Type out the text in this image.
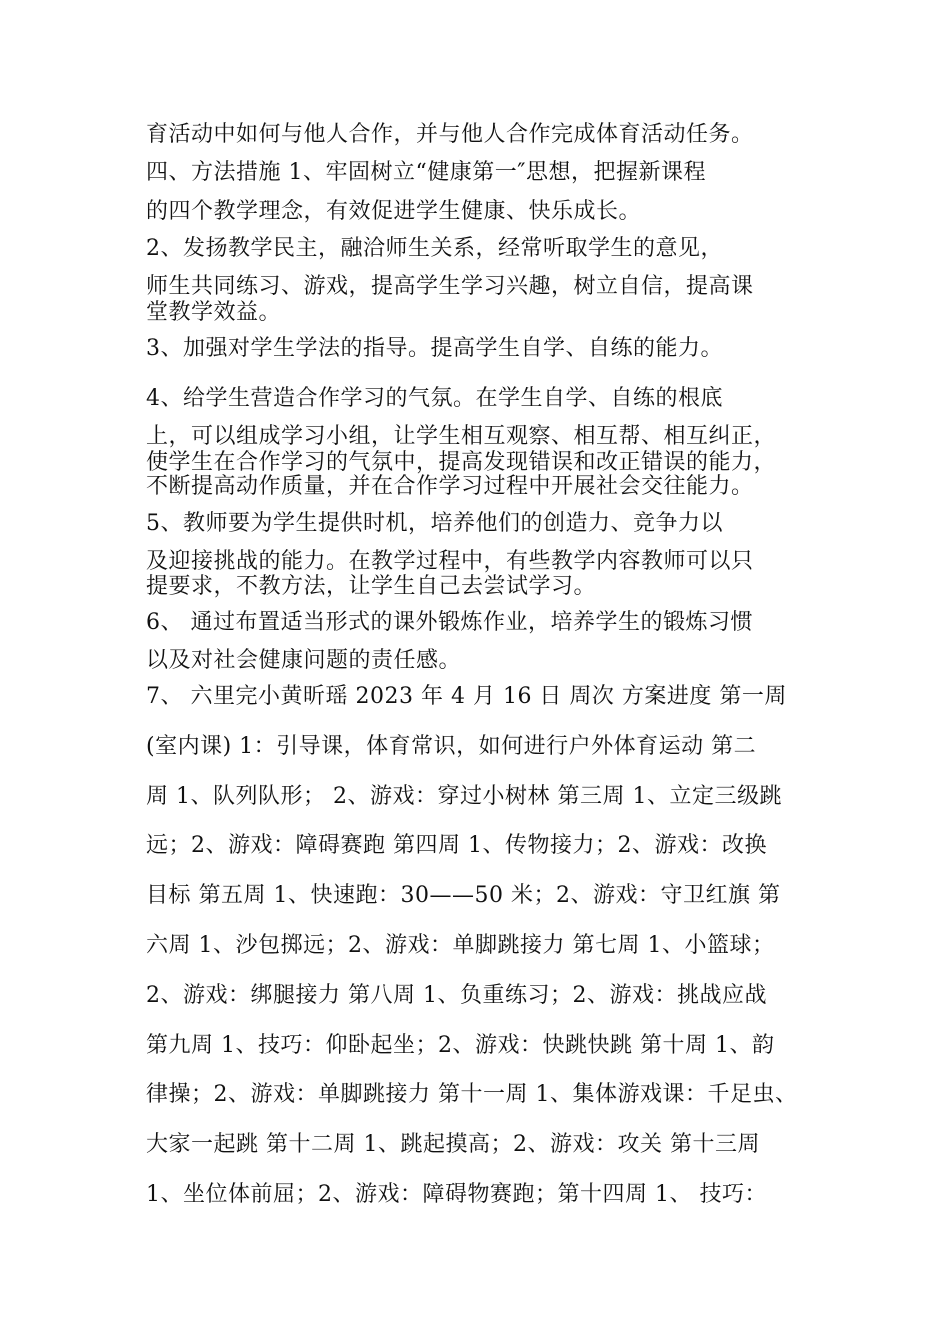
育活动中如何与他人合作，并与他人合作完成体育活动任务。
四、方法措施 1、牢固树立“健康第一″思想，把握新课程
的四个教学理念，有效促进学生健康、快乐成长。
2、发扬教学民主，融洽师生关系，经常听取学生的意见，
师生共同练习、游戏，提高学生学习兴趣，树立自信，提高课
堂教学效益。
3、加强对学生学法的指导。提高学生自学、自练的能力。
4、给学生营造合作学习的气氛。在学生自学、自练的根底
上，可以组成学习小组，让学生相互观察、相互帮、相互纠正，
使学生在合作学习的气氛中，提高发现错误和改正错误的能力，
不断提高动作质量，并在合作学习过程中开展社会交往能力。
5、教师要为学生提供时机，培养他们的创造力、竞争力以
及迎接挑战的能力。在教学过程中，有些教学内容教师可以只
提要求，不教方法，让学生自己去尝试学习。
6、 通过布置适当形式的课外锻炼作业，培养学生的锻炼习惯
以及对社会健康问题的责任感。
7、 六里完小黄昕瑶 2023 年 4 月 16 日 周次 方案进度 第一周
(室内课) 1：引导课，体育常识，如何进行户外体育运动 第二
周 1、队列队形； 2、游戏：穿过小树林 第三周 1、立定三级跳
远；2、游戏：障碍赛跑 第四周 1、传物接力；2、游戏：改换
目标 第五周 1、快速跑：30——50 米；2、游戏：守卫红旗 第
六周 1、沙包掷远；2、游戏：单脚跳接力 第七周 1、小篮球；
2、游戏：绑腿接力 第八周 1、负重练习；2、游戏：挑战应战
第九周 1、技巧：仰卧起坐；2、游戏：快跳快跳 第十周 1、韵
律操；2、游戏：单脚跳接力 第十一周 1、集体游戏课：千足虫、
大家一起跳 第十二周 1、跳起摸高；2、游戏：攻关 第十三周
1、坐位体前屈；2、游戏：障碍物赛跑；第十四周 1、 技巧：
